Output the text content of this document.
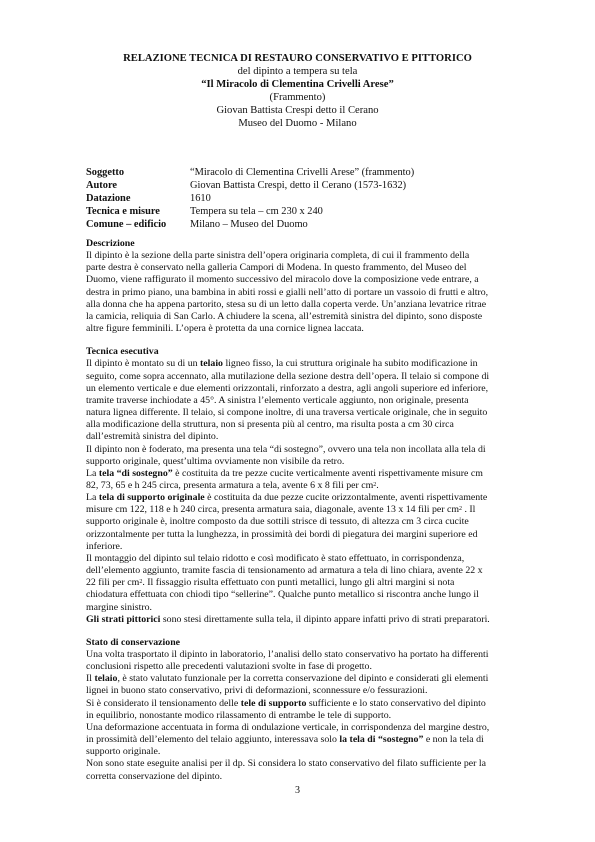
RELAZIONE TECNICA DI RESTAURO CONSERVATIVO E PITTORICO
del dipinto a tempera su tela
“Il Miracolo di Clementina Crivelli Arese”
(Frammento)
Giovan Battista Crespi detto il Cerano
Museo del Duomo - Milano
Soggetto	“Miracolo di Clementina Crivelli Arese” (frammento)
Autore	Giovan Battista Crespi, detto il Cerano (1573-1632)
Datazione	1610
Tecnica e misure	Tempera su tela – cm 230 x 240
Comune – edificio	Milano – Museo del Duomo
Descrizione
Il dipinto è la sezione della parte sinistra dell’opera originaria completa, di cui il frammento della
parte destra è conservato nella galleria Campori di Modena. In questo frammento, del Museo del
Duomo, viene raffigurato il momento successivo del miracolo dove la composizione vede entrare, a
destra in primo piano, una bambina in abiti rossi e gialli nell’atto di portare un vassoio di frutti e altro,
alla donna che ha appena partorito, stesa su di un letto dalla coperta verde. Un’anziana levatrice ritrae
la camicia, reliquia di San Carlo. A chiudere la scena, all’estremità sinistra del dipinto, sono disposte
altre figure femminili. L’opera è protetta da una cornice lignea laccata.
Tecnica esecutiva
Il dipinto è montato su di un telaio ligneo fisso, la cui struttura originale ha subito modificazione in
seguito, come sopra accennato, alla mutilazione della sezione destra dell’opera. Il telaio si compone di
un elemento verticale e due elementi orizzontali, rinforzato a destra, agli angoli superiore ed inferiore,
tramite traverse inchiodate a 45°. A sinistra l’elemento verticale aggiunto, non originale, presenta
natura lignea differente. Il telaio, si compone inoltre, di una traversa verticale originale, che in seguito
alla modificazione della struttura, non si presenta più al centro, ma risulta posta a cm 30 circa
dall’estremità sinistra del dipinto.
Il dipinto non è foderato, ma presenta una tela “di sostegno”, ovvero una tela non incollata alla tela di
supporto originale, quest’ultima ovviamente non visibile da retro.
La tela “di sostegno” è costituita da tre pezze cucite verticalmente aventi rispettivamente misure cm
82, 73, 65 e h 245 circa, presenta armatura a tela, avente 6 x 8 fili per $cm^2$.
La tela di supporto originale è costituita da due pezze cucite orizzontalmente, aventi rispettivamente
misure cm 122, 118 e h 240 circa, presenta armatura saia, diagonale, avente 13 x 14 fili per $cm^2$ . Il
supporto originale è, inoltre composto da due sottili strisce di tessuto, di altezza cm 3 circa cucite
orizzontalmente per tutta la lunghezza, in prossimità dei bordi di piegatura dei margini superiore ed
inferiore.
Il montaggio del dipinto sul telaio ridotto e così modificato è stato effettuato, in corrispondenza,
dell’elemento aggiunto, tramite fascia di tensionamento ad armatura a tela di lino chiara, avente 22 x
22 fili per $cm^2$. Il fissaggio risulta effettuato con punti metallici, lungo gli altri margini si nota
chiodatura effettuata con chiodi tipo “sellerine”. Qualche punto metallico si riscontra anche lungo il
margine sinistro.
Gli strati pittorici sono stesi direttamente sulla tela, il dipinto appare infatti privo di strati preparatori.
Stato di conservazione
Una volta trasportato il dipinto in laboratorio, l’analisi dello stato conservativo ha portato ha differenti
conclusioni rispetto alle precedenti valutazioni svolte in fase di progetto.
Il telaio, è stato valutato funzionale per la corretta conservazione del dipinto e considerati gli elementi
lignei in buono stato conservativo, privi di deformazioni, sconnessure e/o fessurazioni.
Si è considerato il tensionamento delle tele di supporto sufficiente e lo stato conservativo del dipinto
in equilibrio, nonostante modico rilassamento di entrambe le tele di supporto.
Una deformazione accentuata in forma di ondulazione verticale, in corrispondenza del margine destro,
in prossimità dell’elemento del telaio aggiunto, interessava solo la tela di “sostegno” e non la tela di
supporto originale.
Non sono state eseguite analisi per il dp. Si considera lo stato conservativo del filato sufficiente per la
corretta conservazione del dipinto.
3
